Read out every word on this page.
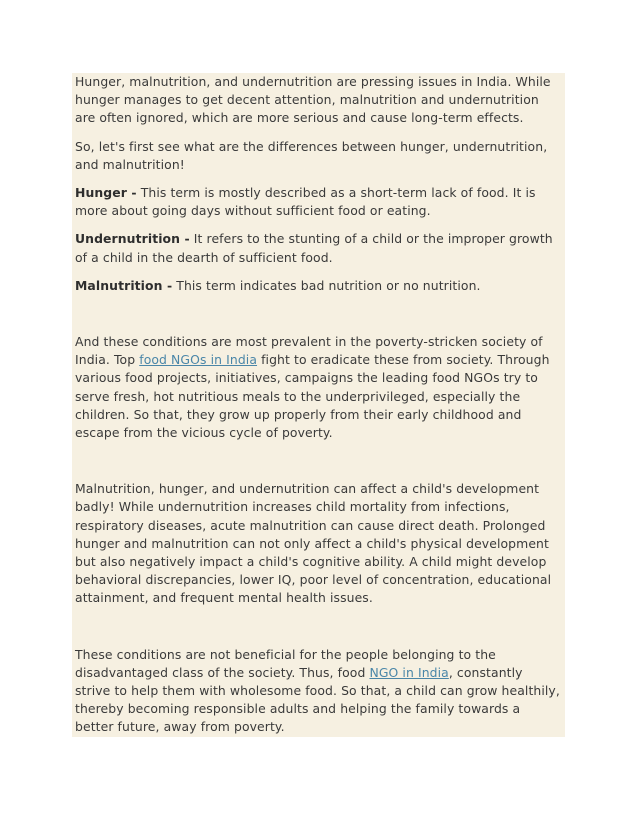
Hunger, malnutrition, and undernutrition are pressing issues in India. While hunger manages to get decent attention, malnutrition and undernutrition are often ignored, which are more serious and cause long-term effects.

So, let's first see what are the differences between hunger, undernutrition, and malnutrition!

Hunger - This term is mostly described as a short-term lack of food. It is more about going days without sufficient food or eating.

Undernutrition - It refers to the stunting of a child or the improper growth of a child in the dearth of sufficient food.

Malnutrition - This term indicates bad nutrition or no nutrition.

And these conditions are most prevalent in the poverty-stricken society of India. Top food NGOs in India fight to eradicate these from society. Through various food projects, initiatives, campaigns the leading food NGOs try to serve fresh, hot nutritious meals to the underprivileged, especially the children. So that, they grow up properly from their early childhood and escape from the vicious cycle of poverty.

Malnutrition, hunger, and undernutrition can affect a child's development badly! While undernutrition increases child mortality from infections, respiratory diseases, acute malnutrition can cause direct death. Prolonged hunger and malnutrition can not only affect a child's physical development but also negatively impact a child's cognitive ability. A child might develop behavioral discrepancies, lower IQ, poor level of concentration, educational attainment, and frequent mental health issues.

These conditions are not beneficial for the people belonging to the disadvantaged class of the society. Thus, food NGO in India, constantly strive to help them with wholesome food. So that, a child can grow healthily, thereby becoming responsible adults and helping the family towards a better future, away from poverty.
